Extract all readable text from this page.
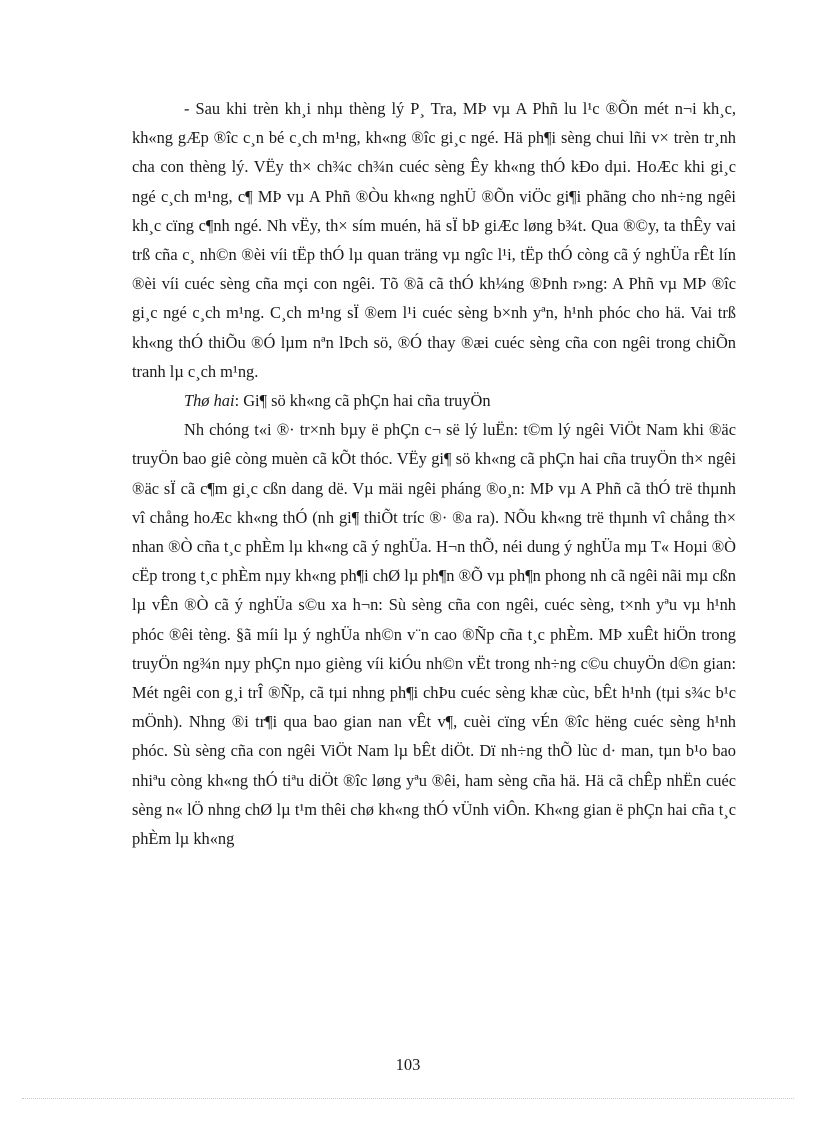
- Sau khi trèn kh¸i nhµ thèng lý P¸ Tra, MÞ vµ A Phñ lu l¹c ®Õn mét n¬i kh¸c, kh«ng gÆp ®îc c¸n bé c¸ch m¹ng, kh«ng ®îc gi¸c ngé. Hä ph¶i sèng chui lñi v× trèn tr¸nh cha con thèng lý. VËy th× ch¾c ch¾n cuéc sèng Êy kh«ng thÓ kÐo dµi. HoÆc khi gi¸c ngé c¸ch m¹ng, c¶ MÞ vµ A Phñ ®Òu kh«ng nghÜ ®Õn viÖc gi¶i phãng cho nh÷ng ngêi kh¸c cïng c¶nh ngé. Nh vËy, th× sím muén, hä sÏ bÞ giÆc løng b¾t. Qua ®©y, ta thÊy vai trß cña c¸ nh©n ®èi víi tËp thÓ lµ quan träng vµ ngîc l¹i, tËp thÓ còng cã ý nghÜa rÊt lín ®èi víi cuéc sèng cña mçi con ngêi. Tõ ®ã cã thÓ kh¼ng ®Þnh r»ng: A Phñ vµ MÞ ®îc gi¸c ngé c¸ch m¹ng. C¸ch m¹ng sÏ ®em l¹i cuéc sèng b×nh yªn, h¹nh phóc cho hä. Vai trß kh«ng thÓ thiÕu ®Ó lµm nªn lÞch sö, ®Ó thay ®æi cuéc sèng cña con ngêi trong chiÕn tranh lµ c¸ch m¹ng.

Thø hai: Gi¶ sö kh«ng cã phÇn hai cña truyÖn

Nh chóng t«i ®· tr×nh bµy ë phÇn c¬ së lý luËn: t©m lý ngêi ViÖt Nam khi ®äc truyÖn bao giê còng muèn cã kÕt thóc. VËy gi¶ sö kh«ng cã phÇn hai cña truyÖn th× ngêi ®äc sÏ cã c¶m gi¸c cßn dang dë. Vµ mäi ngêi pháng ®o¸n: MÞ vµ A Phñ cã thÓ trë thµnh vî chång hoÆc kh«ng thÓ (nh gi¶ thiÕt tríc ®· ®a ra). NÕu kh«ng trë thµnh vî chång th× nhan ®Ò cña t¸c phÈm lµ kh«ng cã ý nghÜa. H¬n thÕ, néi dung ý nghÜa mµ T« Hoµi ®Ò cËp trong t¸c phÈm nµy kh«ng ph¶i chØ lµ ph¶n ®Õ vµ ph¶n phong nh cã ngêi nãi mµ cßn lµ vÊn ®Ò cã ý nghÜa s©u xa h¬n: Sù sèng cña con ngêi, cuéc sèng, t×nh yªu vµ h¹nh phóc ®êi tèng. §ã míi lµ ý nghÜa nh©n v¨n cao ®Ñp cña t¸c phÈm. MÞ xuÊt hiÖn trong truyÖn ng¾n nµy phÇn nµo gièng víi kiÓu nh©n vËt trong nh÷ng c©u chuyÖn d©n gian: Mét ngêi con g¸i trÎ ®Ñp, cã tµi nhng ph¶i chÞu cuéc sèng khæ cùc, bÊt h¹nh (tµi s¾c b¹c mÖnh). Nhng ®i tr¶i qua bao gian nan vÊt v¶, cuèi cïng vÉn ®îc hëng cuéc sèng h¹nh phóc. Sù sèng cña con ngêi ViÖt Nam lµ bÊt diÖt. Dï nh÷ng thÕ lùc d· man, tµn b¹o bao nhiªu còng kh«ng thÓ tiªu diÖt ®îc løng yªu ®êi, ham sèng cña hä. Hä cã chÊp nhËn cuéc sèng n« lÖ nhng chØ lµ t¹m thêi chø kh«ng thÓ vÜnh viÔn. Kh«ng gian ë phÇn hai cña t¸c phÈm lµ kh«ng

103
